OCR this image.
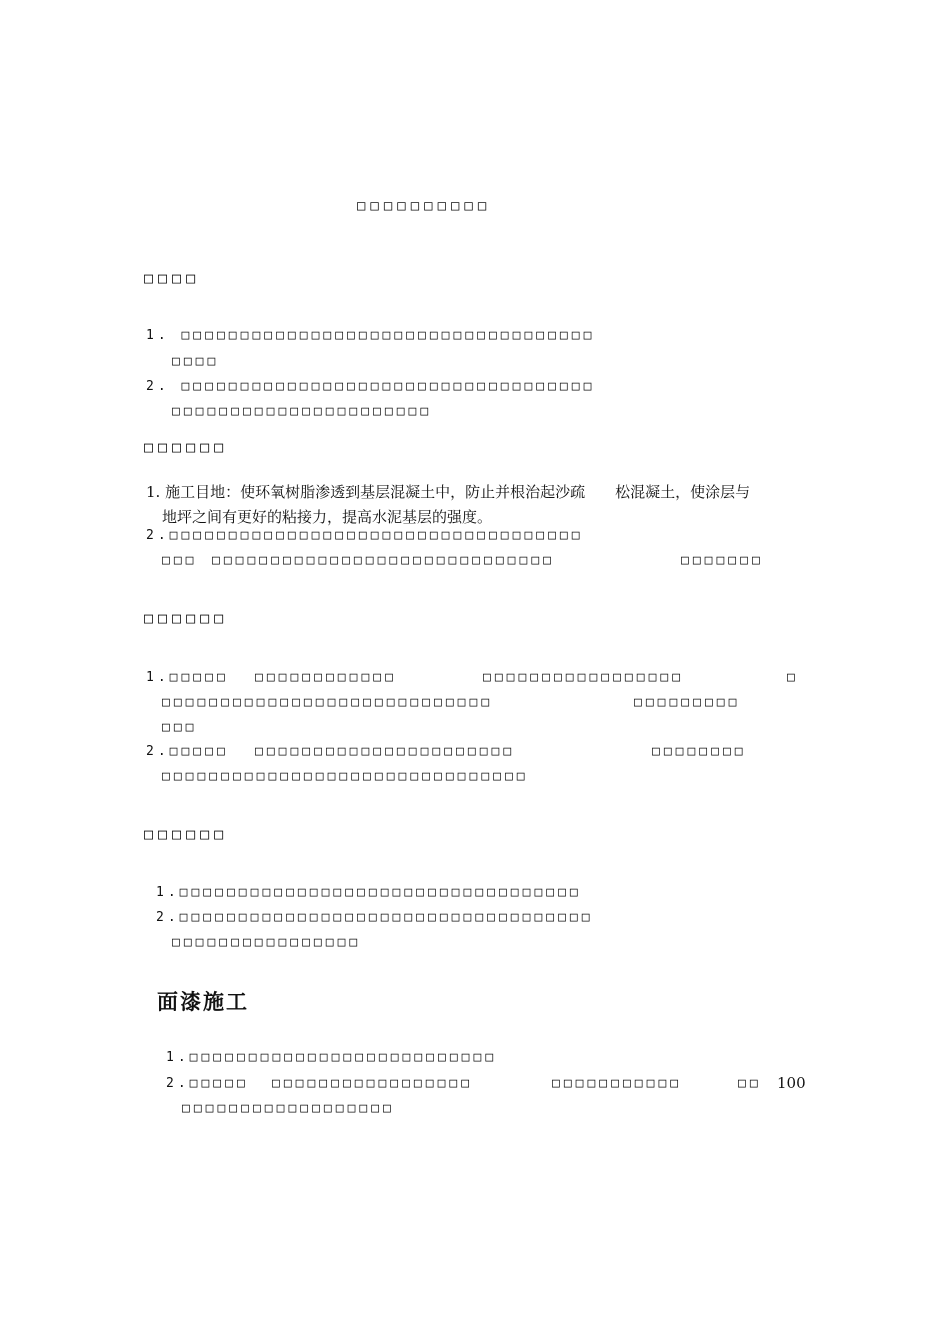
□□□□□□□□□□
□□□□
1. □□□□□□□□□□□□□□□□□□□□□□□□□□□□□□□□□□□
□□□□
2. □□□□□□□□□□□□□□□□□□□□□□□□□□□□□□□□□□□
□□□□□□□□□□□□□□□□□□□□□□
□□□□□□
1. 施工目地：使环氧树脂渗透到基层混凝土中，防止并根治起沙疏　　松混凝土，使涂层与
地坪之间有更好的粘接力，提高水泥基层的强度。
2.□□□□□□□□□□□□□□□□□□□□□□□□□□□□□□□□□□□
□□□ □□□□□□□□□□□□□□□□□□□□□□□□□□□□□	□□□□□□□
□□□□□□
1.□□□□□ □□□□□□□□□□□□	□□□□□□□□□□□□□□□□□	□
□□□□□□□□□□□□□□□□□□□□□□□□□□□□	□□□□□□□□□
□□□
2.□□□□□ □□□□□□□□□□□□□□□□□□□□□□	□□□□□□□□
□□□□□□□□□□□□□□□□□□□□□□□□□□□□□□□
□□□□□□
1.□□□□□□□□□□□□□□□□□□□□□□□□□□□□□□□□□□
2.□□□□□□□□□□□□□□□□□□□□□□□□□□□□□□□□□□□
□□□□□□□□□□□□□□□□
面漆施工
1.□□□□□□□□□□□□□□□□□□□□□□□□□□
2.□□□□□ □□□□□□□□□□□□□□□□□	□□□□□□□□□□□	□□ 100
□□□□□□□□□□□□□□□□□□
